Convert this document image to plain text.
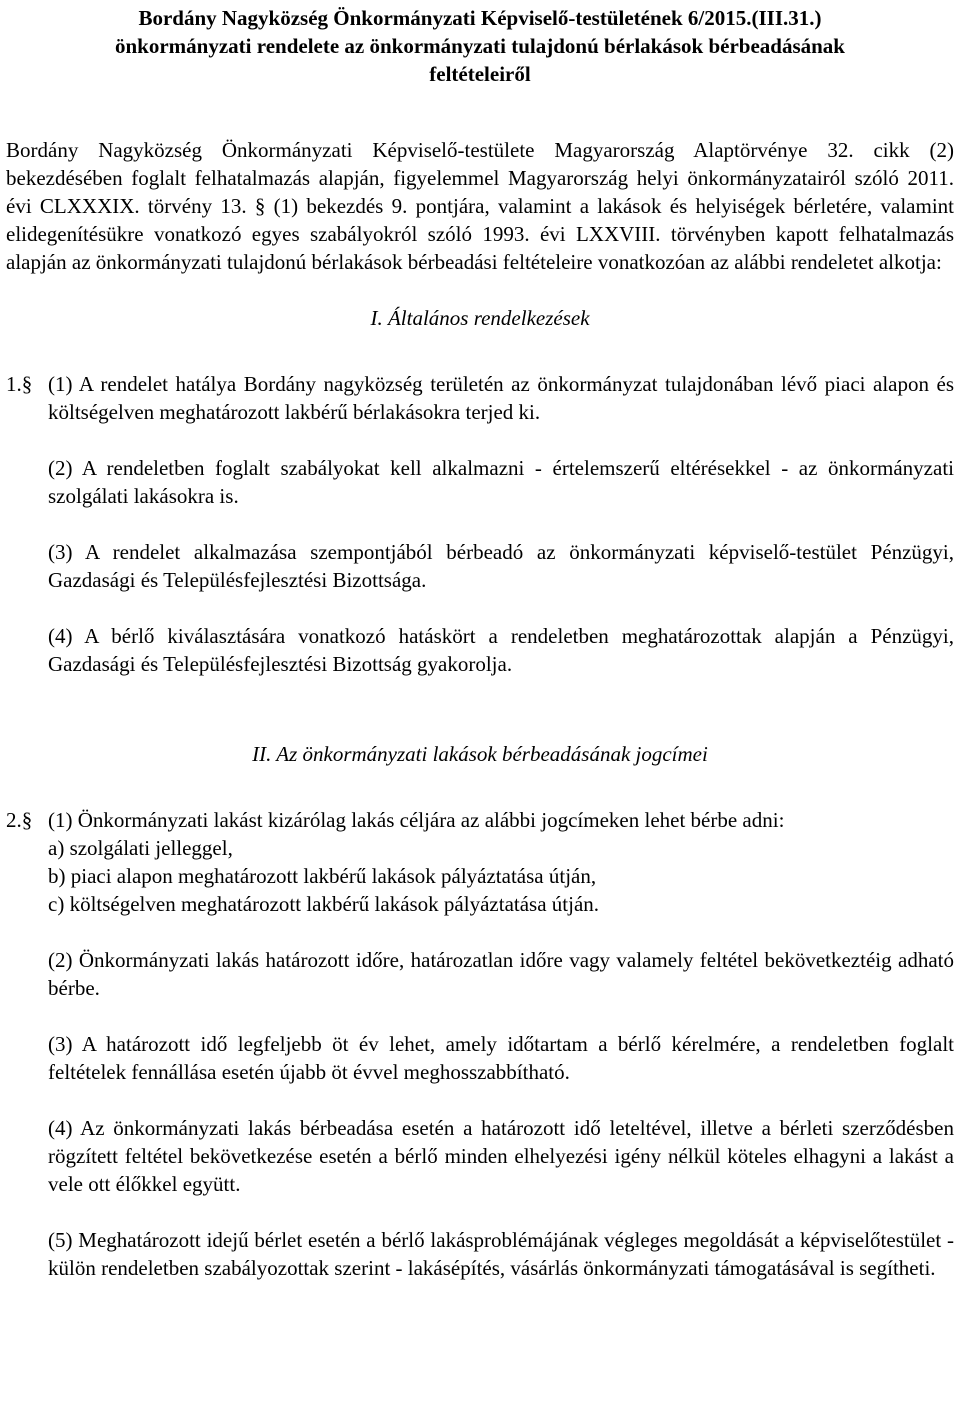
Bordány Nagyközség Önkormányzati Képviselő-testületének 6/2015.(III.31.)
önkormányzati rendelete az önkormányzati tulajdonú bérlakások bérbeadásának
feltételeiről
Bordány Nagyközség Önkormányzati Képviselő-testülete Magyarország Alaptörvénye 32. cikk (2) bekezdésében foglalt felhatalmazás alapján, figyelemmel Magyarország helyi önkormányzatairól szóló 2011. évi CLXXXIX. törvény 13. § (1) bekezdés 9. pontjára, valamint a lakások és helyiségek bérletére, valamint elidegenítésükre vonatkozó egyes szabályokról szóló 1993. évi LXXVIII. törvényben kapott felhatalmazás alapján az önkormányzati tulajdonú bérlakások bérbeadási feltételeire vonatkozóan az alábbi rendeletet alkotja:
I. Általános rendelkezések
1.§ (1) A rendelet hatálya Bordány nagyközség területén az önkormányzat tulajdonában lévő piaci alapon és költségelven meghatározott lakbérű bérlakásokra terjed ki.
(2) A rendeletben foglalt szabályokat kell alkalmazni - értelemszerű eltérésekkel - az önkormányzati szolgálati lakásokra is.
(3) A rendelet alkalmazása szempontjából bérbeadó az önkormányzati képviselő-testület Pénzügyi, Gazdasági és Településfejlesztési Bizottsága.
(4) A bérlő kiválasztására vonatkozó hatáskört a rendeletben meghatározottak alapján a Pénzügyi, Gazdasági és Településfejlesztési Bizottság gyakorolja.
II. Az önkormányzati lakások bérbeadásának jogcímei
2.§ (1) Önkormányzati lakást kizárólag lakás céljára az alábbi jogcímeken lehet bérbe adni:
a) szolgálati jelleggel,
b) piaci alapon meghatározott lakbérű lakások pályáztatása útján,
c) költségelven meghatározott lakbérű lakások pályáztatása útján.
(2) Önkormányzati lakás határozott időre, határozatlan időre vagy valamely feltétel bekövetkeztéig adható bérbe.
(3) A határozott idő legfeljebb öt év lehet, amely időtartam a bérlő kérelmére, a rendeletben foglalt feltételek fennállása esetén újabb öt évvel meghosszabbítható.
(4) Az önkormányzati lakás bérbeadása esetén a határozott idő leteltével, illetve a bérleti szerződésben rögzített feltétel bekövetkezése esetén a bérlő minden elhelyezési igény nélkül köteles elhagyni a lakást a vele ott élőkkel együtt.
(5) Meghatározott idejű bérlet esetén a bérlő lakásproblémájának végleges megoldását a képviselőtestület - külön rendeletben szabályozottak szerint - lakásépítés, vásárlás önkormányzati támogatásával is segítheti.
